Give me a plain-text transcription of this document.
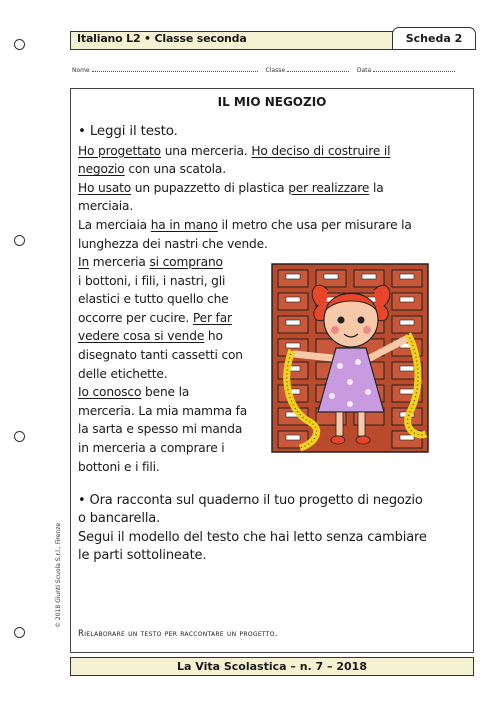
Italiano L2 • Classe seconda	Scheda 2
Nome	Classe	Data
IL MIO NEGOZIO
• Leggi il testo.
Ho progettato una merceria. Ho deciso di costruire il
negozio con una scatola.
Ho usato un pupazzetto di plastica per realizzare la
merciaia.
La merciaia ha in mano il metro che usa per misurare la
lunghezza dei nastri che vende.
In merceria si comprano
i bottoni, i fili, i nastri, gli
elastici e tutto quello che
occorre per cucire. Per far
vedere cosa si vende ho
disegnato tanti cassetti con
delle etichette.
Io conosco bene la
merceria. La mia mamma fa
la sarta e spesso mi manda
in merceria a comprare i
bottoni e i fili.
• Ora racconta sul quaderno il tuo progetto di negozio
o bancarella.
Segui il modello del testo che hai letto senza cambiare
le parti sottolineate.
Rielaborare un testo per raccontare un progetto.
© 2018 Giunti Scuola S.r.l., Firenze
La Vita Scolastica – n. 7 – 2018
